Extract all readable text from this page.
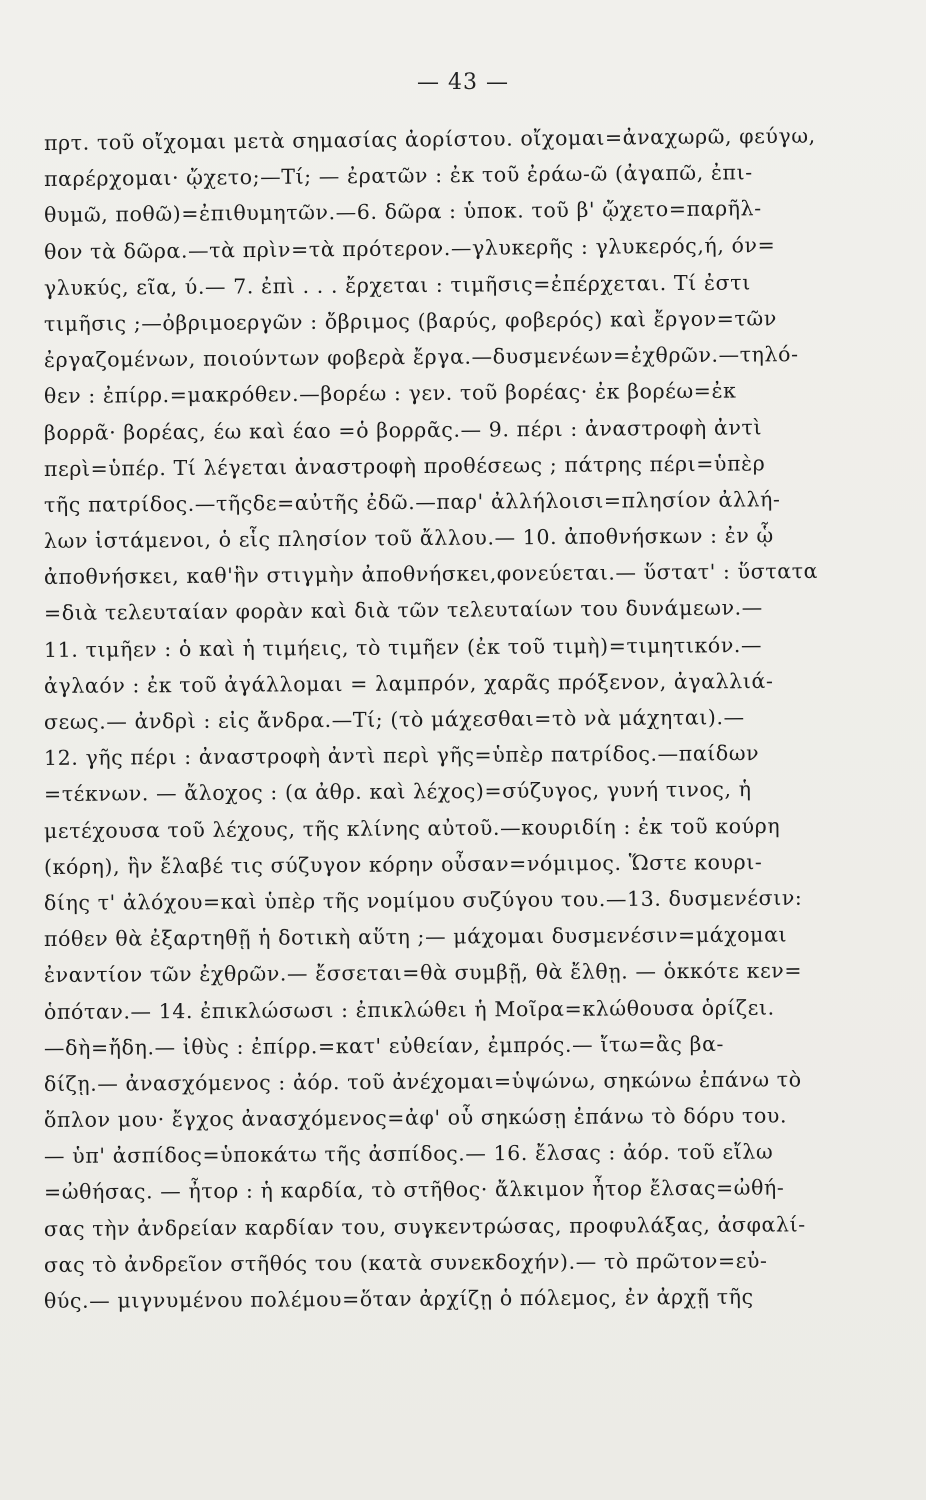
— 43 —
πρτ. τοῦ οἴχομαι μετὰ σημασίας ἀορίστου. οἴχομαι=ἀναχωρῶ, φεύγω,
παρέρχομαι· ᾤχετο;—Τί; — ἐρατῶν : ἐκ τοῦ ἐράω-ῶ (ἀγαπῶ, ἐπι-
θυμῶ, ποθῶ)=ἐπιθυμητῶν.—6. δῶρα : ὑποκ. τοῦ β' ᾤχετο=παρῆλ-
θον τὰ δῶρα.—τὰ πρὶν=τὰ πρότερον.—γλυκερῆς : γλυκερός,ή, όν=
γλυκύς, εῖα, ύ.— 7. ἐπὶ . . . ἔρχεται : τιμῆσις=ἐπέρχεται. Τί ἐστι
τιμῆσις ;—ὀβριμοεργῶν : ὄβριμος (βαρύς, φοβερός) καὶ ἔργον=τῶν
ἐργαζομένων, ποιούντων φοβερὰ ἔργα.—δυσμενέων=ἐχθρῶν.—τηλό-
θεν : ἐπίρρ.=μακρόθεν.—βορέω : γεν. τοῦ βορέας· ἐκ βορέω=ἐκ
βορρᾶ· βορέας, έω καὶ έαο =ὁ βορρᾶς.— 9. πέρι : ἀναστροφὴ ἀντὶ
περὶ=ὑπέρ. Τί λέγεται ἀναστροφὴ προθέσεως ; πάτρης πέρι=ὑπὲρ
τῆς πατρίδος.—τῆςδε=αὐτῆς ἐδῶ.—παρ' ἀλλήλοισι=πλησίον ἀλλή-
λων ἱστάμενοι, ὁ εἷς πλησίον τοῦ ἄλλου.— 10. ἀποθνήσκων : ἐν ᾧ
ἀποθνήσκει, καθ'ἣν στιγμὴν ἀποθνήσκει,φονεύεται.— ὕστατ' : ὕστατα
=διὰ τελευταίαν φορὰν καὶ διὰ τῶν τελευταίων του δυνάμεων.—
11. τιμῆεν : ὁ καὶ ἡ τιμήεις, τὸ τιμῆεν (ἐκ τοῦ τιμὴ)=τιμητικόν.—
ἀγλαόν : ἐκ τοῦ ἀγάλλομαι = λαμπρόν, χαρᾶς πρόξενον, ἀγαλλιά-
σεως.— ἀνδρὶ : εἰς ἄνδρα.—Τί; (τὸ μάχεσθαι=τὸ νὰ μάχηται).—
12. γῆς πέρι : ἀναστροφὴ ἀντὶ περὶ γῆς=ὑπὲρ πατρίδος.—παίδων
=τέκνων. — ἄλοχος : (α ἀθρ. καὶ λέχος)=σύζυγος, γυνή τινος, ἡ
μετέχουσα τοῦ λέχους, τῆς κλίνης αὐτοῦ.—κουριδίη : ἐκ τοῦ κούρη
(κόρη), ἣν ἔλαβέ τις σύζυγον κόρην οὖσαν=νόμιμος. Ὥστε κουρι-
δίης τ' ἀλόχου=καὶ ὑπὲρ τῆς νομίμου συζύγου του.—13. δυσμενέσιν:
πόθεν θὰ ἐξαρτηθῇ ἡ δοτικὴ αὕτη ;— μάχομαι δυσμενέσιν=μάχομαι
ἐναντίον τῶν ἐχθρῶν.— ἔσσεται=θὰ συμβῇ, θὰ ἔλθῃ. — ὁκκότε κεν=
ὁπόταν.— 14. ἐπικλώσωσι : ἐπικλώθει ἡ Μοῖρα=κλώθουσα ὁρίζει.
—δὴ=ἤδη.— ἰθὺς : ἐπίρρ.=κατ' εὐθείαν, ἐμπρός.— ἴτω=ἂς βα-
δίζῃ.— ἀνασχόμενος : ἀόρ. τοῦ ἀνέχομαι=ὑψώνω, σηκώνω ἐπάνω τὸ
ὅπλον μου· ἔγχος ἀνασχόμενος=ἀφ' οὗ σηκώσῃ ἐπάνω τὸ δόρυ του.
— ὑπ' ἀσπίδος=ὑποκάτω τῆς ἀσπίδος.— 16. ἔλσας : ἀόρ. τοῦ εἴλω
=ὠθήσας. — ἦτορ : ἡ καρδία, τὸ στῆθος· ἄλκιμον ἦτορ ἔλσας=ὠθή-
σας τὴν ἀνδρείαν καρδίαν του, συγκεντρώσας, προφυλάξας, ἀσφαλί-
σας τὸ ἀνδρεῖον στῆθός του (κατὰ συνεκδοχήν).— τὸ πρῶτον=εὐ-
θύς.— μιγνυμένου πολέμου=ὅταν ἀρχίζῃ ὁ πόλεμος, ἐν ἀρχῇ τῆς
